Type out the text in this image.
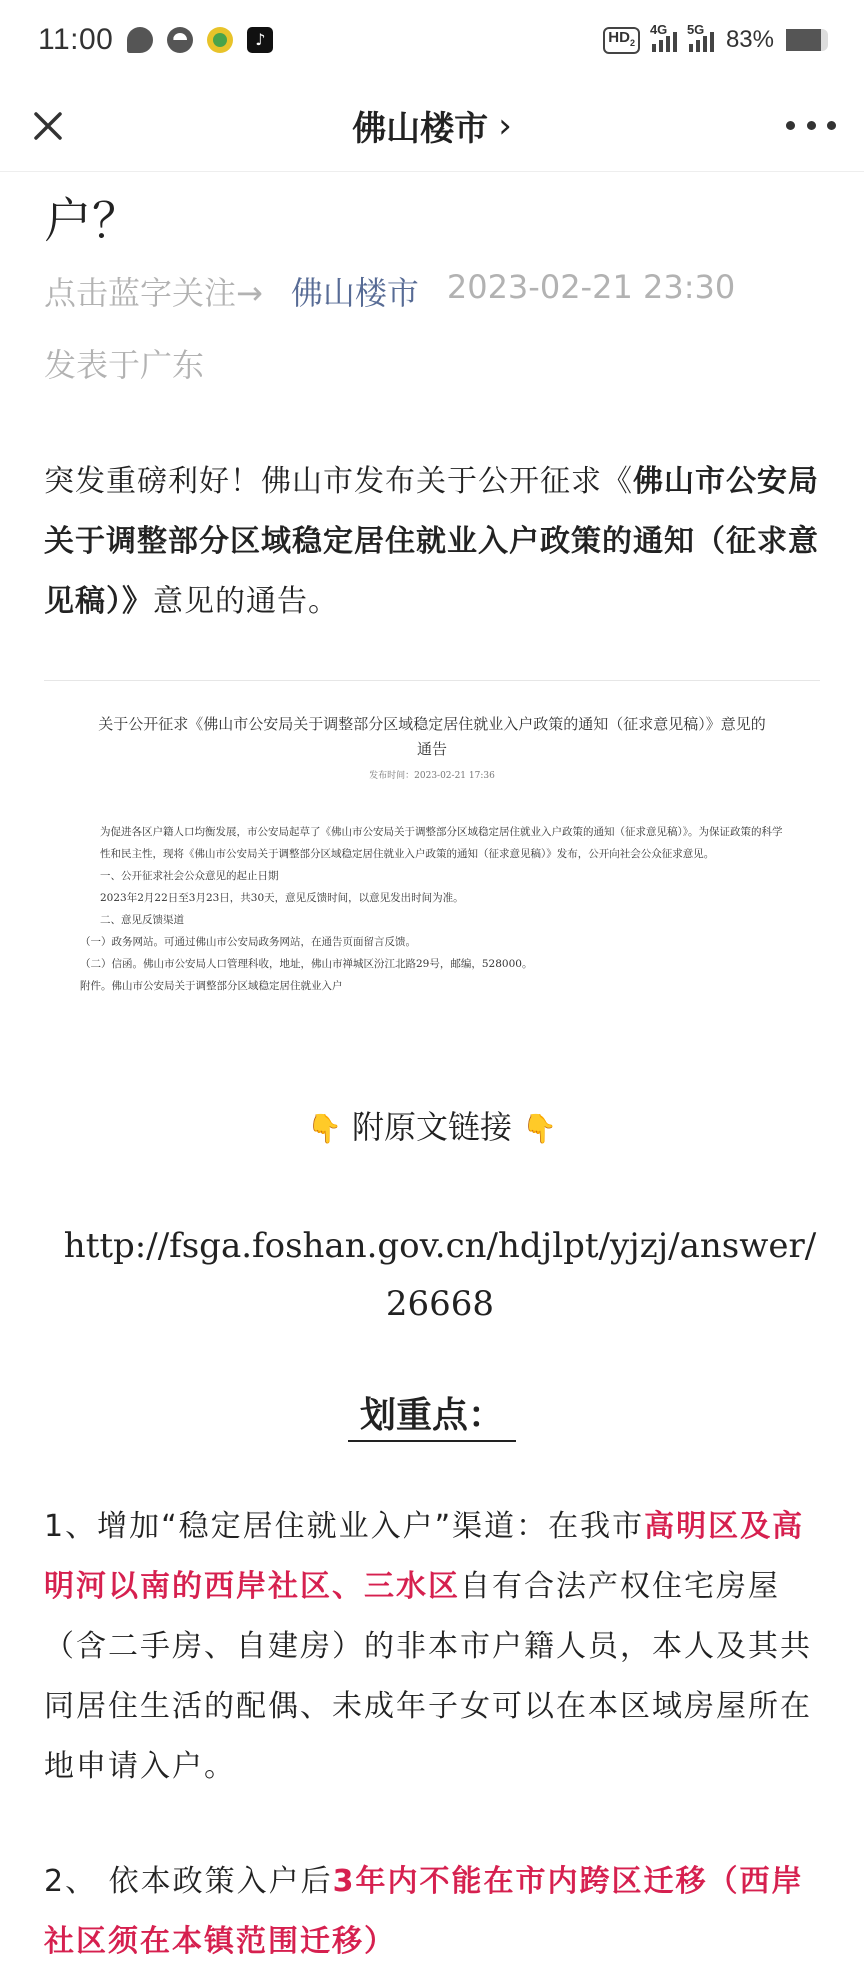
11:00	♪	$HD_2$
4G 5G 83%
佛山楼市 ›
户？
点击蓝字关注→ 佛山楼市 2023-02-21 23:30
发表于广东
突发重磅利好！佛山市发布关于公开征求《佛山市公安局关于调整部分区域稳定居住就业入户政策的通知（征求意见稿）》意见的通告。
关于公开征求《佛山市公安局关于调整部分区域稳定居住就业入户政策的通知（征求意见稿）》意见的通告
发布时间：2023-02-21 17:36

为促进各区户籍人口均衡发展，市公安局起草了《佛山市公安局关于调整部分区域稳定居住就业入户政策的通知（征求意见稿）》。为保证政策的科学性和民主性，现将《佛山市公安局关于调整部分区域稳定居住就业入户政策的通知（征求意见稿）》发布，公开向社会公众征求意见。

一、公开征求社会公众意见的起止日期

2023年2月22日至3月23日，共30天，意见反馈时间，以意见发出时间为准。

二、意见反馈渠道

（一）政务网站。可通过佛山市公安局政务网站，在通告页面留言反馈。

（二）信函。佛山市公安局人口管理科收，地址，佛山市禅城区汾江北路29号，邮编，528000。

附件。佛山市公安局关于调整部分区域稳定居住就业入户

👇 附原文链接 👇
http://fsga.foshan.gov.cn/hdjlpt/yjzj/answer/26668
划重点：
1、增加“稳定居住就业入户”渠道：在我市高明区及高明河以南的西岸社区、三水区自有合法产权住宅房屋（含二手房、自建房）的非本市户籍人员，本人及其共同居住生活的配偶、未成年子女可以在本区域房屋所在地申请入户。
2、 依本政策入户后3年内不能在市内跨区迁移（西岸社区须在本镇范围迁移）
